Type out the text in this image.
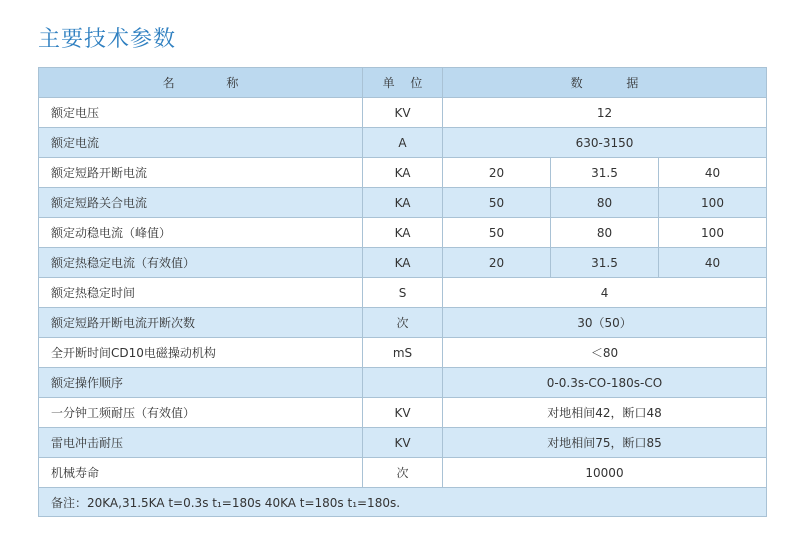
主要技术参数
名 称	单 位	数 据		
额定电压	KV	12		
额定电流	A	630-3150		
额定短路开断电流	KA	20	31.5	40
额定短路关合电流	KA	50	80	100
额定动稳电流（峰值）	KA	50	80	100
额定热稳定电流（有效值）	KA	20	31.5	40
额定热稳定时间	S	4		
额定短路开断电流开断次数	次	30（50）		
全开断时间CD10电磁操动机构	mS	＜80		
额定操作顺序		0-0.3s-CO-180s-CO		
一分钟工频耐压（有效值）	KV	对地相间42，断口48		
雷电冲击耐压	KV	对地相间75，断口85		
机械寿命	次	10000		
备注：20KA,31.5KA t=0.3s t₁=180s 40KA t=180s t₁=180s.				
